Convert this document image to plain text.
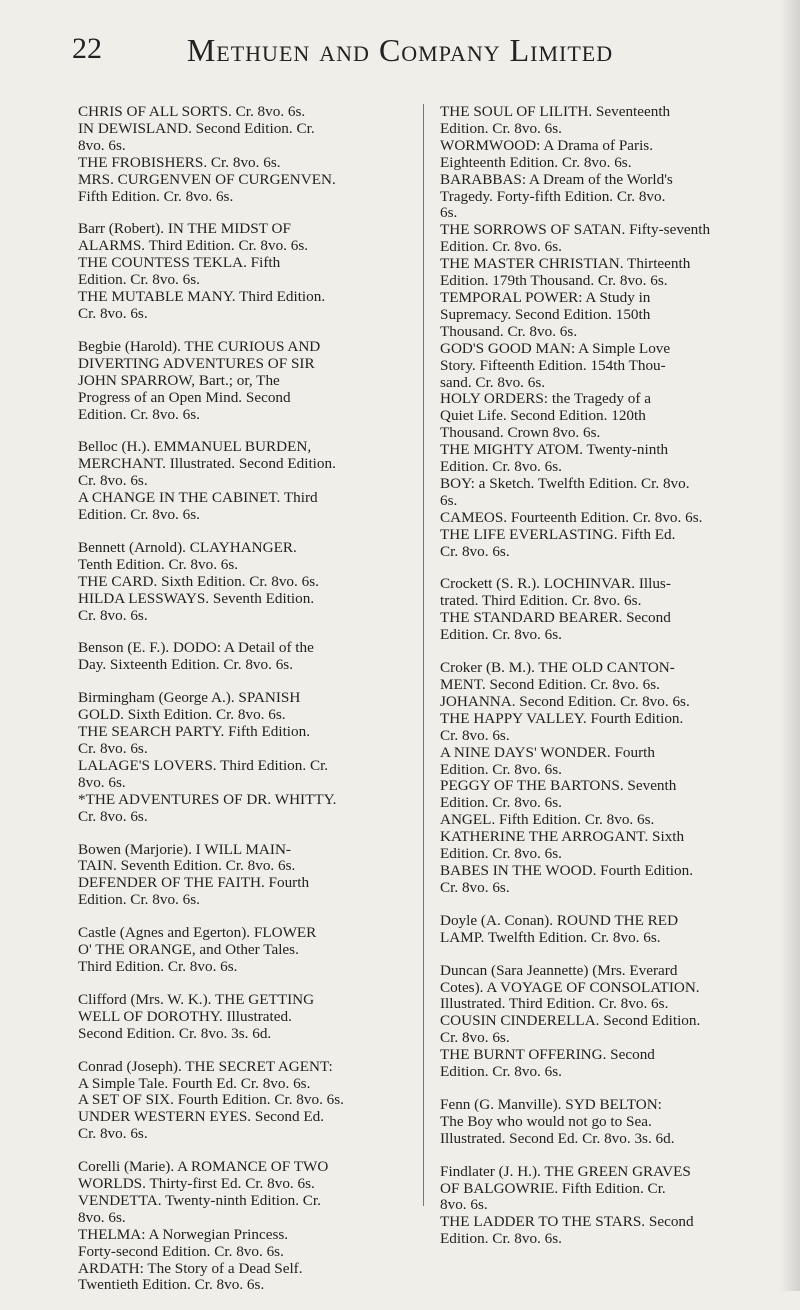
22	Methuen and Company Limited
CHRIS OF ALL SORTS. Cr. 8vo. 6s.
IN DEWISLAND. Second Edition. Cr.
8vo. 6s.
THE FROBISHERS. Cr. 8vo. 6s.
MRS. CURGENVEN OF CURGENVEN.
Fifth Edition. Cr. 8vo. 6s.
Barr (Robert). IN THE MIDST OF
ALARMS. Third Edition. Cr. 8vo. 6s.
THE COUNTESS TEKLA. Fifth
Edition. Cr. 8vo. 6s.
THE MUTABLE MANY. Third Edition.
Cr. 8vo. 6s.
Begbie (Harold). THE CURIOUS AND
DIVERTING ADVENTURES OF SIR
JOHN SPARROW, Bart.; or, The
Progress of an Open Mind. Second
Edition. Cr. 8vo. 6s.
Belloc (H.). EMMANUEL BURDEN,
MERCHANT. Illustrated. Second Edition.
Cr. 8vo. 6s.
A CHANGE IN THE CABINET. Third
Edition. Cr. 8vo. 6s.
Bennett (Arnold). CLAYHANGER.
Tenth Edition. Cr. 8vo. 6s.
THE CARD. Sixth Edition. Cr. 8vo. 6s.
HILDA LESSWAYS. Seventh Edition.
Cr. 8vo. 6s.
Benson (E. F.). DODO: A Detail of the
Day. Sixteenth Edition. Cr. 8vo. 6s.
Birmingham (George A.). SPANISH
GOLD. Sixth Edition. Cr. 8vo. 6s.
THE SEARCH PARTY. Fifth Edition.
Cr. 8vo. 6s.
LALAGE'S LOVERS. Third Edition. Cr.
8vo. 6s.
*THE ADVENTURES OF DR. WHITTY.
Cr. 8vo. 6s.
Bowen (Marjorie). I WILL MAIN-
TAIN. Seventh Edition. Cr. 8vo. 6s.
DEFENDER OF THE FAITH. Fourth
Edition. Cr. 8vo. 6s.
Castle (Agnes and Egerton). FLOWER
O' THE ORANGE, and Other Tales.
Third Edition. Cr. 8vo. 6s.
Clifford (Mrs. W. K.). THE GETTING
WELL OF DOROTHY. Illustrated.
Second Edition. Cr. 8vo. 3s. 6d.
Conrad (Joseph). THE SECRET AGENT:
A Simple Tale. Fourth Ed. Cr. 8vo. 6s.
A SET OF SIX. Fourth Edition. Cr. 8vo. 6s.
UNDER WESTERN EYES. Second Ed.
Cr. 8vo. 6s.
Corelli (Marie). A ROMANCE OF TWO
WORLDS. Thirty-first Ed. Cr. 8vo. 6s.
VENDETTA. Twenty-ninth Edition. Cr.
8vo. 6s.
THELMA: A Norwegian Princess.
Forty-second Edition. Cr. 8vo. 6s.
ARDATH: The Story of a Dead Self.
Twentieth Edition. Cr. 8vo. 6s.
THE SOUL OF LILITH. Seventeenth
Edition. Cr. 8vo. 6s.
WORMWOOD: A Drama of Paris.
Eighteenth Edition. Cr. 8vo. 6s.
BARABBAS: A Dream of the World's
Tragedy. Forty-fifth Edition. Cr. 8vo.
6s.
THE SORROWS OF SATAN. Fifty-seventh
Edition. Cr. 8vo. 6s.
THE MASTER CHRISTIAN. Thirteenth
Edition. 179th Thousand. Cr. 8vo. 6s.
TEMPORAL POWER: A Study in
Supremacy. Second Edition. 150th
Thousand. Cr. 8vo. 6s.
GOD'S GOOD MAN: A Simple Love
Story. Fifteenth Edition. 154th Thou-
sand. Cr. 8vo. 6s.
HOLY ORDERS: the Tragedy of a
Quiet Life. Second Edition. 120th
Thousand. Crown 8vo. 6s.
THE MIGHTY ATOM. Twenty-ninth
Edition. Cr. 8vo. 6s.
BOY: a Sketch. Twelfth Edition. Cr. 8vo.
6s.
CAMEOS. Fourteenth Edition. Cr. 8vo. 6s.
THE LIFE EVERLASTING. Fifth Ed.
Cr. 8vo. 6s.
Crockett (S. R.). LOCHINVAR. Illus-
trated. Third Edition. Cr. 8vo. 6s.
THE STANDARD BEARER. Second
Edition. Cr. 8vo. 6s.
Croker (B. M.). THE OLD CANTON-
MENT. Second Edition. Cr. 8vo. 6s.
JOHANNA. Second Edition. Cr. 8vo. 6s.
THE HAPPY VALLEY. Fourth Edition.
Cr. 8vo. 6s.
A NINE DAYS' WONDER. Fourth
Edition. Cr. 8vo. 6s.
PEGGY OF THE BARTONS. Seventh
Edition. Cr. 8vo. 6s.
ANGEL. Fifth Edition. Cr. 8vo. 6s.
KATHERINE THE ARROGANT. Sixth
Edition. Cr. 8vo. 6s.
BABES IN THE WOOD. Fourth Edition.
Cr. 8vo. 6s.
Doyle (A. Conan). ROUND THE RED
LAMP. Twelfth Edition. Cr. 8vo. 6s.
Duncan (Sara Jeannette) (Mrs. Everard
Cotes). A VOYAGE OF CONSOLATION.
Illustrated. Third Edition. Cr. 8vo. 6s.
COUSIN CINDERELLA. Second Edition.
Cr. 8vo. 6s.
THE BURNT OFFERING. Second
Edition. Cr. 8vo. 6s.
Fenn (G. Manville). SYD BELTON:
The Boy who would not go to Sea.
Illustrated. Second Ed. Cr. 8vo. 3s. 6d.
Findlater (J. H.). THE GREEN GRAVES
OF BALGOWRIE. Fifth Edition. Cr.
8vo. 6s.
THE LADDER TO THE STARS. Second
Edition. Cr. 8vo. 6s.
